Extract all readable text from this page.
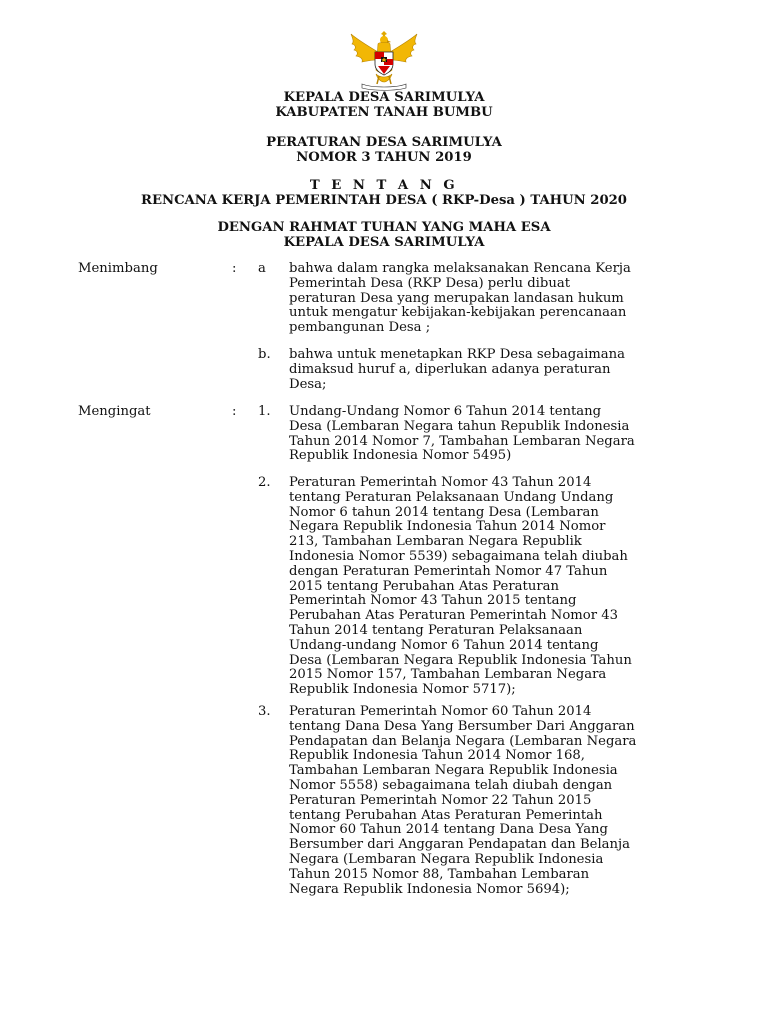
KEPALA DESA SARIMULYA
KABUPATEN TANAH BUMBU
PERATURAN DESA SARIMULYA
NOMOR 3 TAHUN 2019
T E N T A N G
RENCANA KERJA PEMERINTAH DESA ( RKP-Desa ) TAHUN 2020
DENGAN RAHMAT TUHAN YANG MAHA ESA
KEPALA DESA SARIMULYA
Menimbang	: a bahwa dalam rangka melaksanakan Rencana Kerja
Pemerintah Desa (RKP Desa) perlu dibuat
peraturan Desa yang merupakan landasan hukum
untuk mengatur kebijakan-kebijakan perencanaan
pembangunan Desa ;
b. bahwa untuk menetapkan RKP Desa sebagaimana
dimaksud huruf a, diperlukan adanya peraturan
Desa;
Mengingat	: 1. Undang-Undang Nomor 6 Tahun 2014 tentang
Desa (Lembaran Negara tahun Republik Indonesia
Tahun 2014 Nomor 7, Tambahan Lembaran Negara
Republik Indonesia Nomor 5495)
2. Peraturan Pemerintah Nomor 43 Tahun 2014
tentang Peraturan Pelaksanaan Undang Undang
Nomor 6 tahun 2014 tentang Desa (Lembaran
Negara Republik Indonesia Tahun 2014 Nomor
213, Tambahan Lembaran Negara Republik
Indonesia Nomor 5539) sebagaimana telah diubah
dengan Peraturan Pemerintah Nomor 47 Tahun
2015 tentang Perubahan Atas Peraturan
Pemerintah Nomor 43 Tahun 2015 tentang
Perubahan Atas Peraturan Pemerintah Nomor 43
Tahun 2014 tentang Peraturan Pelaksanaan
Undang-undang Nomor 6 Tahun 2014 tentang
Desa (Lembaran Negara Republik Indonesia Tahun
2015 Nomor 157, Tambahan Lembaran Negara
Republik Indonesia Nomor 5717);
3. Peraturan Pemerintah Nomor 60 Tahun 2014
tentang Dana Desa Yang Bersumber Dari Anggaran
Pendapatan dan Belanja Negara (Lembaran Negara
Republik Indonesia Tahun 2014 Nomor 168,
Tambahan Lembaran Negara Republik Indonesia
Nomor 5558) sebagaimana telah diubah dengan
Peraturan Pemerintah Nomor 22 Tahun 2015
tentang Perubahan Atas Peraturan Pemerintah
Nomor 60 Tahun 2014 tentang Dana Desa Yang
Bersumber dari Anggaran Pendapatan dan Belanja
Negara (Lembaran Negara Republik Indonesia
Tahun 2015 Nomor 88, Tambahan Lembaran
Negara Republik Indonesia Nomor 5694);
